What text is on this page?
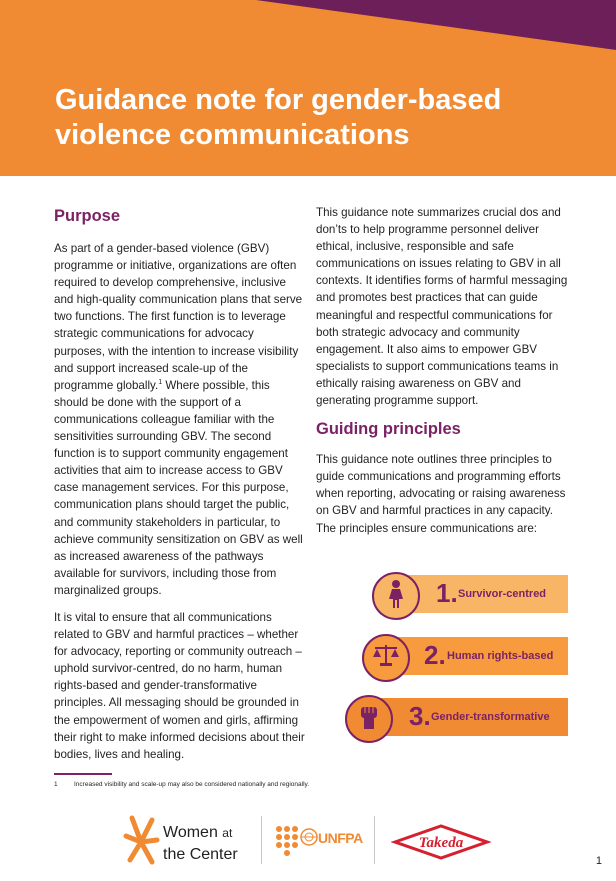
Guidance note for gender-based violence communications
Purpose

As part of a gender-based violence (GBV) programme or initiative, organizations are often required to develop comprehensive, inclusive and high-quality communication plans that serve two functions. The first function is to leverage strategic communications for advocacy purposes, with the intention to increase visibility and support increased scale-up of the programme globally.$^1$ Where possible, this should be done with the support of a communications colleague familiar with the sensitivities surrounding GBV. The second function is to support community engagement activities that aim to increase access to GBV case management services. For this purpose, communication plans should target the public, and community stakeholders in particular, to achieve community sensitization on GBV as well as increased awareness of the pathways available for survivors, including those from marginalized groups.

It is vital to ensure that all communications related to GBV and harmful practices – whether for advocacy, reporting or community outreach – uphold survivor-centred, do no harm, human rights-based and gender-transformative principles. All messaging should be grounded in the empowerment of women and girls, affirming their right to make informed decisions about their bodies, lives and healing.

This guidance note summarizes crucial dos and don’ts to help programme personnel deliver ethical, inclusive, responsible and safe communications on issues relating to GBV in all contexts. It identifies forms of harmful messaging and promotes best practices that can guide meaningful and respectful communications for both strategic advocacy and community engagement. It also aims to empower GBV specialists to support communications teams in ethically raising awareness on GBV and generating programme support.

Guiding principles

This guidance note outlines three principles to guide communications and programming efforts when reporting, advocating or raising awareness on GBV and harmful practices in any capacity. The principles ensure communications are:

1. Survivor-centred
2. Human rights-based
3. Gender-transformative
1	Increased visibility and scale-up may also be considered nationally and regionally.
Women at
the Center
UNFPA	Takeda
1
